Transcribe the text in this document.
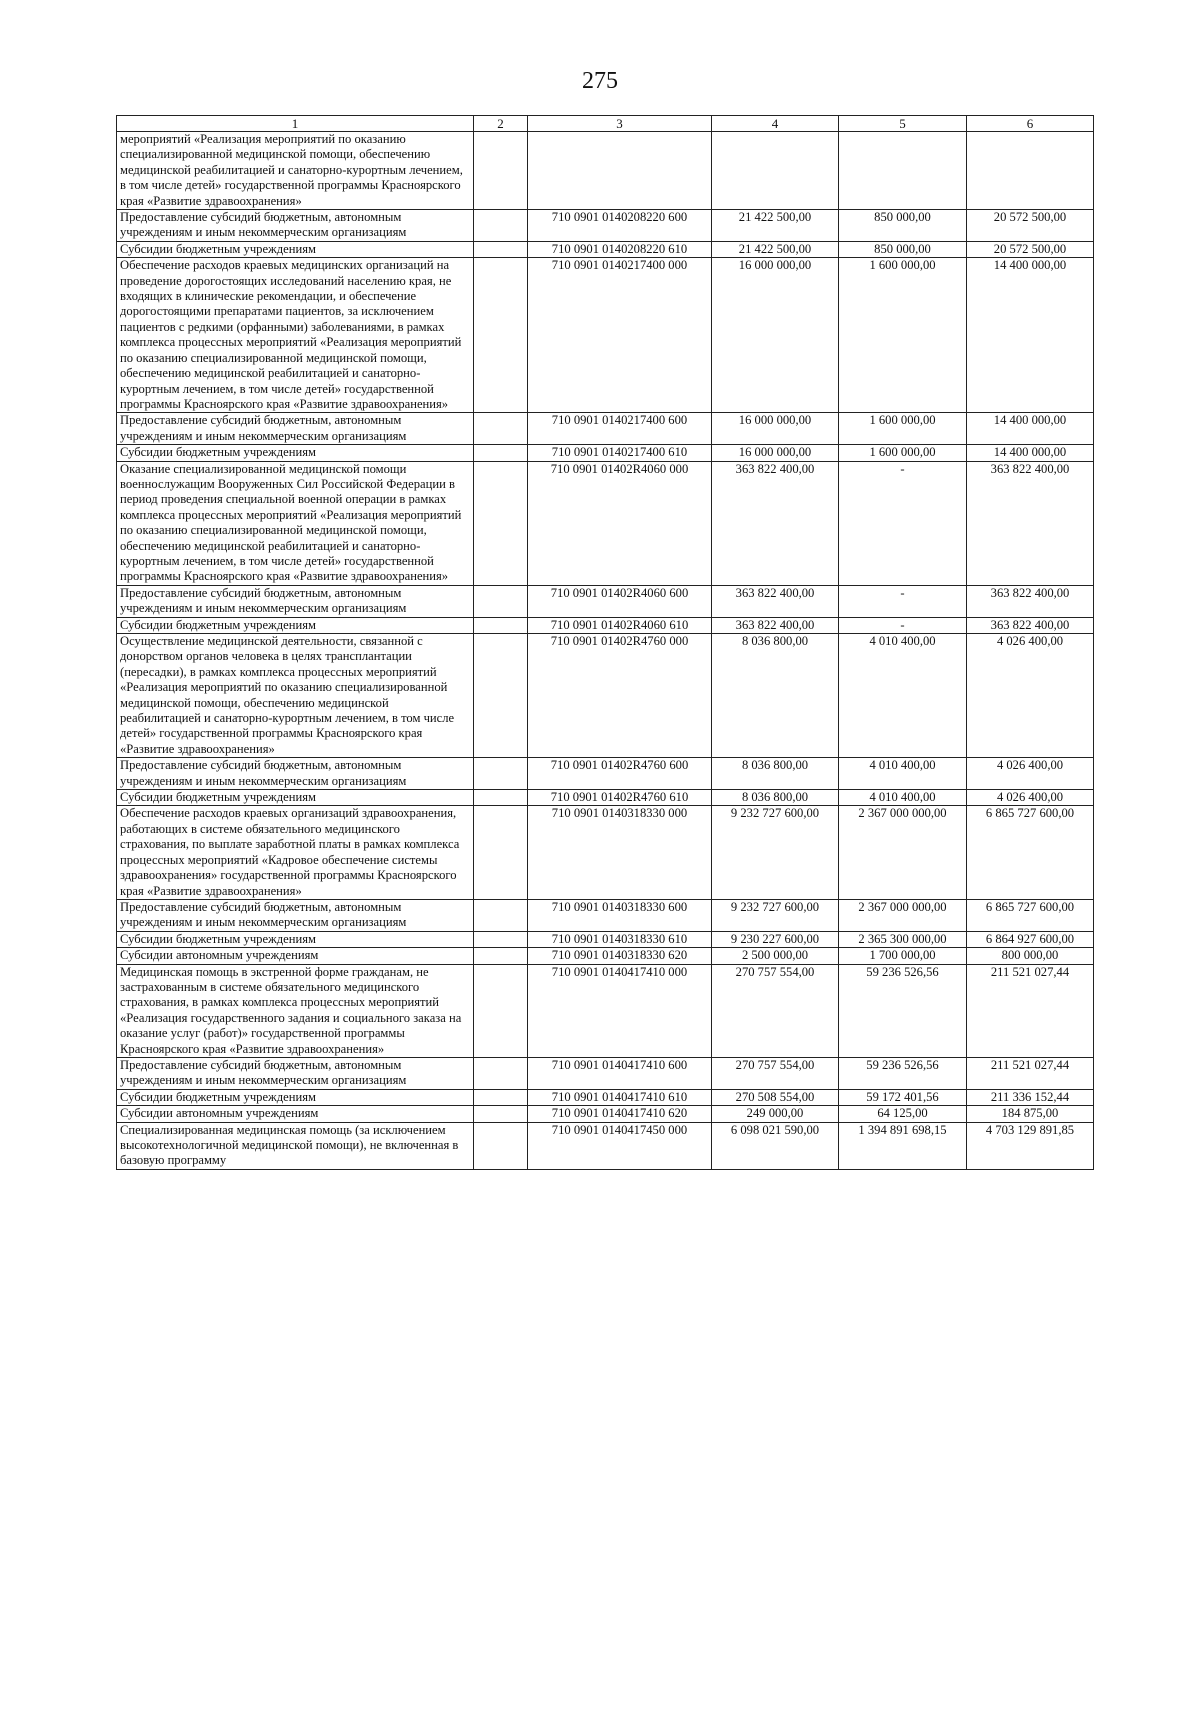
275
1	2	3	4	5	6
мероприятий «Реализация мероприятий по оказанию специализированной медицинской помощи, обеспечению медицинской реабилитацией и санаторно-курортным лечением, в том числе детей» государственной программы Красноярского края «Развитие здравоохранения»					
Предоставление субсидий бюджетным, автономным учреждениям и иным некоммерческим организациям		710 0901 0140208220 600	21 422 500,00	850 000,00	20 572 500,00
Субсидии бюджетным учреждениям		710 0901 0140208220 610	21 422 500,00	850 000,00	20 572 500,00
Обеспечение расходов краевых медицинских организаций на проведение дорогостоящих исследований населению края, не входящих в клинические рекомендации, и обеспечение дорогостоящими препаратами пациентов, за исключением пациентов с редкими (орфанными) заболеваниями, в рамках комплекса процессных мероприятий «Реализация мероприятий по оказанию специализированной медицинской помощи, обеспечению медицинской реабилитацией и санаторно-курортным лечением, в том числе детей» государственной программы Красноярского края «Развитие здравоохранения»		710 0901 0140217400 000	16 000 000,00	1 600 000,00	14 400 000,00
Предоставление субсидий бюджетным, автономным учреждениям и иным некоммерческим организациям		710 0901 0140217400 600	16 000 000,00	1 600 000,00	14 400 000,00
Субсидии бюджетным учреждениям		710 0901 0140217400 610	16 000 000,00	1 600 000,00	14 400 000,00
Оказание специализированной медицинской помощи военнослужащим Вооруженных Сил Российской Федерации в период проведения специальной военной операции в рамках комплекса процессных мероприятий «Реализация мероприятий по оказанию специализированной медицинской помощи, обеспечению медицинской реабилитацией и санаторно-курортным лечением, в том числе детей» государственной программы Красноярского края «Развитие здравоохранения»		710 0901 01402R4060 000	363 822 400,00	-	363 822 400,00
Предоставление субсидий бюджетным, автономным учреждениям и иным некоммерческим организациям		710 0901 01402R4060 600	363 822 400,00	-	363 822 400,00
Субсидии бюджетным учреждениям		710 0901 01402R4060 610	363 822 400,00	-	363 822 400,00
Осуществление медицинской деятельности, связанной с донорством органов человека в целях трансплантации (пересадки), в рамках комплекса процессных мероприятий «Реализация мероприятий по оказанию специализированной медицинской помощи, обеспечению медицинской реабилитацией и санаторно-курортным лечением, в том числе детей» государственной программы Красноярского края «Развитие здравоохранения»		710 0901 01402R4760 000	8 036 800,00	4 010 400,00	4 026 400,00
Предоставление субсидий бюджетным, автономным учреждениям и иным некоммерческим организациям		710 0901 01402R4760 600	8 036 800,00	4 010 400,00	4 026 400,00
Субсидии бюджетным учреждениям		710 0901 01402R4760 610	8 036 800,00	4 010 400,00	4 026 400,00
Обеспечение расходов краевых организаций здравоохранения, работающих в системе обязательного медицинского страхования, по выплате заработной платы в рамках комплекса процессных мероприятий «Кадровое обеспечение системы здравоохранения» государственной программы Красноярского края «Развитие здравоохранения»		710 0901 0140318330 000	9 232 727 600,00	2 367 000 000,00	6 865 727 600,00
Предоставление субсидий бюджетным, автономным учреждениям и иным некоммерческим организациям		710 0901 0140318330 600	9 232 727 600,00	2 367 000 000,00	6 865 727 600,00
Субсидии бюджетным учреждениям		710 0901 0140318330 610	9 230 227 600,00	2 365 300 000,00	6 864 927 600,00
Субсидии автономным учреждениям		710 0901 0140318330 620	2 500 000,00	1 700 000,00	800 000,00
Медицинская помощь в экстренной форме гражданам, не застрахованным в системе обязательного медицинского страхования, в рамках комплекса процессных мероприятий «Реализация государственного задания и социального заказа на оказание услуг (работ)» государственной программы Красноярского края «Развитие здравоохранения»		710 0901 0140417410 000	270 757 554,00	59 236 526,56	211 521 027,44
Предоставление субсидий бюджетным, автономным учреждениям и иным некоммерческим организациям		710 0901 0140417410 600	270 757 554,00	59 236 526,56	211 521 027,44
Субсидии бюджетным учреждениям		710 0901 0140417410 610	270 508 554,00	59 172 401,56	211 336 152,44
Субсидии автономным учреждениям		710 0901 0140417410 620	249 000,00	64 125,00	184 875,00
Специализированная медицинская помощь (за исключением высокотехнологичной медицинской помощи), не включенная в базовую программу		710 0901 0140417450 000	6 098 021 590,00	1 394 891 698,15	4 703 129 891,85
